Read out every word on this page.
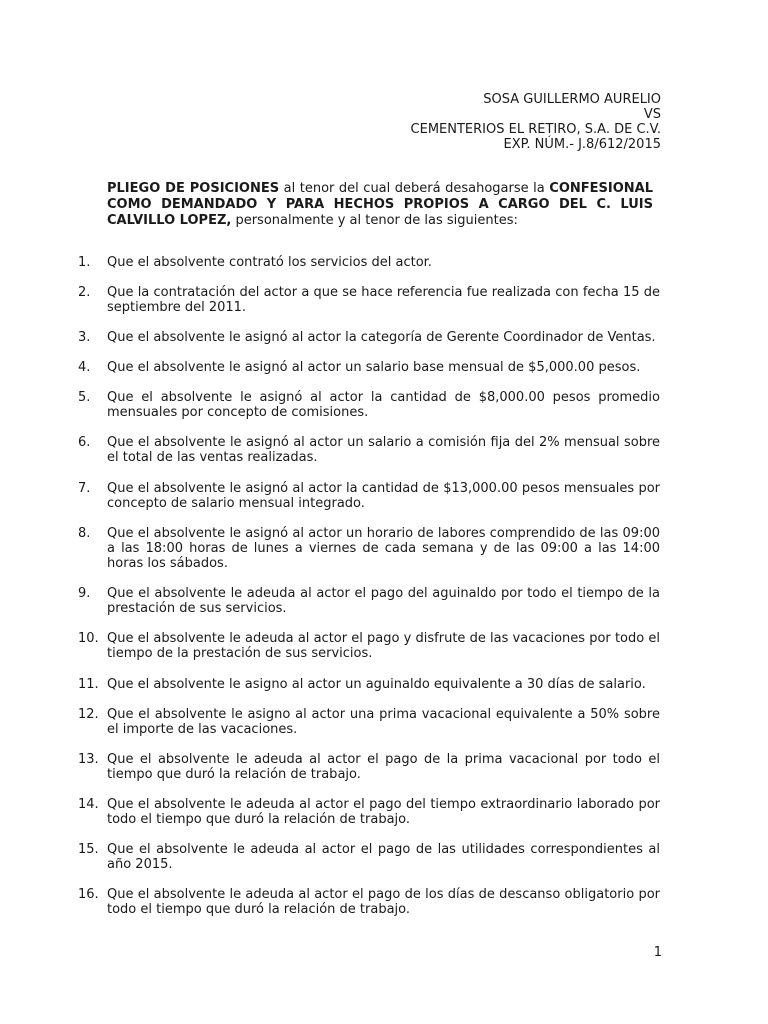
SOSA GUILLERMO AURELIO
VS
CEMENTERIOS EL RETIRO, S.A. DE C.V.
EXP. NÚM.- J.8/612/2015
PLIEGO DE POSICIONES al tenor del cual deberá desahogarse la CONFESIONAL COMO DEMANDADO Y PARA HECHOS PROPIOS A CARGO DEL C. LUIS CALVILLO LOPEZ, personalmente y al tenor de las siguientes:
1.	Que el absolvente contrató los servicios del actor.
2.	Que la contratación del actor a que se hace referencia fue realizada con fecha 15 de septiembre del 2011.
3.	Que el absolvente le asignó al actor la categoría de Gerente Coordinador de Ventas.
4.	Que el absolvente le asignó al actor un salario base mensual de $5,000.00 pesos.
5.	Que el absolvente le asignó al actor la cantidad de $8,000.00 pesos promedio mensuales por concepto de comisiones.
6.	Que el absolvente le asignó al actor un salario a comisión fija del 2% mensual sobre el total de las ventas realizadas.
7.	Que el absolvente le asignó al actor la cantidad de $13,000.00 pesos mensuales por concepto de salario mensual integrado.
8.	Que el absolvente le asignó al actor un horario de labores comprendido de las 09:00 a las 18:00 horas de lunes a viernes de cada semana y de las 09:00 a las 14:00 horas los sábados.
9.	Que el absolvente le adeuda al actor el pago del aguinaldo por todo el tiempo de la prestación de sus servicios.
10. Que el absolvente le adeuda al actor el pago y disfrute de las vacaciones por todo el tiempo de la prestación de sus servicios.
11. Que el absolvente le asigno al actor un aguinaldo equivalente a 30 días de salario.
12. Que el absolvente le asigno al actor una prima vacacional equivalente a 50% sobre el importe de las vacaciones.
13. Que el absolvente le adeuda al actor el pago de la prima vacacional por todo el tiempo que duró la relación de trabajo.
14. Que el absolvente le adeuda al actor el pago del tiempo extraordinario laborado por todo el tiempo que duró la relación de trabajo.
15. Que el absolvente le adeuda al actor el pago de las utilidades correspondientes al año 2015.
16. Que el absolvente le adeuda al actor el pago de los días de descanso obligatorio por todo el tiempo que duró la relación de trabajo.
1
